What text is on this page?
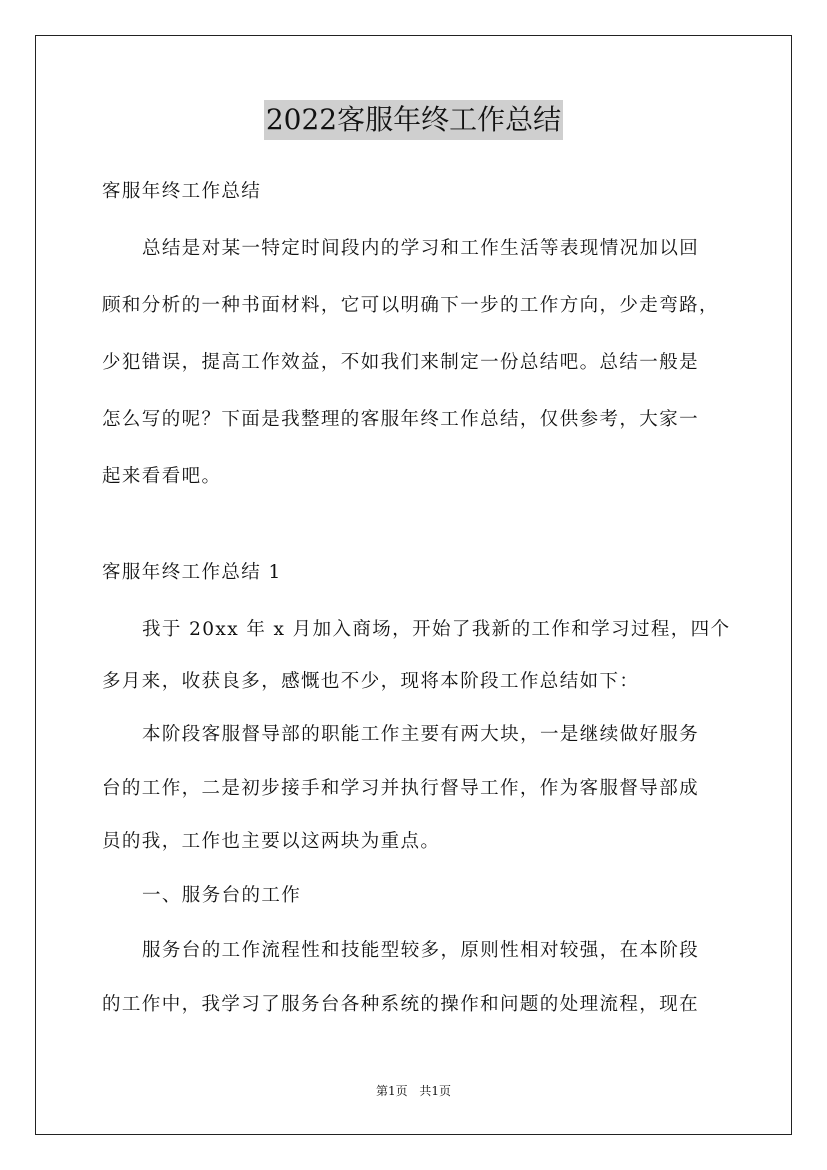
2022客服年终工作总结
客服年终工作总结
总结是对某一特定时间段内的学习和工作生活等表现情况加以回
顾和分析的一种书面材料，它可以明确下一步的工作方向，少走弯路，
少犯错误，提高工作效益，不如我们来制定一份总结吧。总结一般是
怎么写的呢？下面是我整理的客服年终工作总结，仅供参考，大家一
起来看看吧。
客服年终工作总结 1
我于 20xx 年 x 月加入商场，开始了我新的工作和学习过程，四个
多月来，收获良多，感慨也不少，现将本阶段工作总结如下：
本阶段客服督导部的职能工作主要有两大块，一是继续做好服务
台的工作，二是初步接手和学习并执行督导工作，作为客服督导部成
员的我，工作也主要以这两块为重点。
一、服务台的工作
服务台的工作流程性和技能型较多，原则性相对较强，在本阶段
的工作中，我学习了服务台各种系统的操作和问题的处理流程，现在
第1页 共1页
